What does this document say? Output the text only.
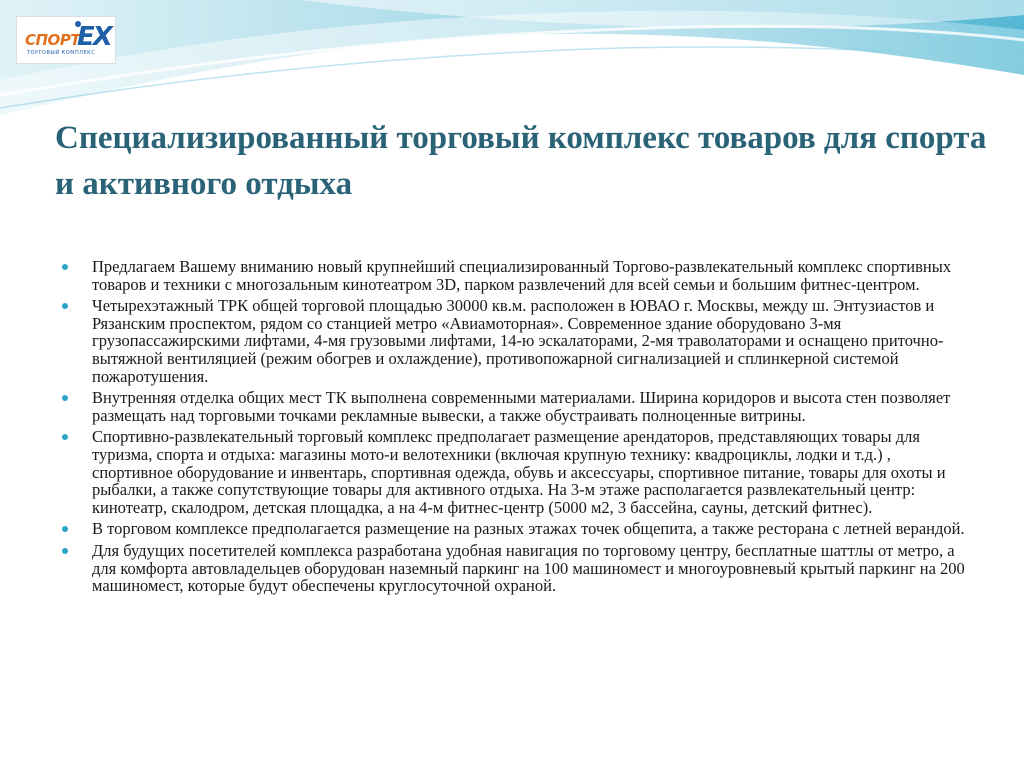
СПОРТ
EX
ТОРГОВЫЙ КОМПЛЕКС
Специализированный торговый комплекс товаров для спорта и активного отдыха
Предлагаем Вашему вниманию новый крупнейший специализированный Торгово-развлекательный комплекс спортивных товаров и техники с многозальным кинотеатром 3D, парком развлечений для всей семьи и большим фитнес-центром.
Четырехэтажный ТРК общей торговой площадью 30000 кв.м. расположен в ЮВАО г. Москвы, между ш. Энтузиастов и Рязанским проспектом, рядом со станцией метро «Авиамоторная». Современное здание оборудовано 3-мя грузопассажирскими лифтами, 4-мя грузовыми лифтами, 14-ю эскалаторами, 2-мя траволаторами и оснащено приточно-вытяжной вентиляцией (режим обогрев и охлаждение), противопожарной сигнализацией и сплинкерной системой пожаротушения.
Внутренняя отделка общих мест ТК выполнена современными материалами. Ширина коридоров и высота стен позволяет размещать над торговыми точками рекламные вывески, а также обустраивать полноценные витрины.
Спортивно-развлекательный торговый комплекс предполагает размещение арендаторов, представляющих товары для туризма, спорта и отдыха: магазины мото-и велотехники (включая крупную технику: квадроциклы, лодки и т.д.) , спортивное оборудование и инвентарь, спортивная одежда, обувь и аксессуары, спортивное питание, товары для охоты и рыбалки, а также сопутствующие товары для активного отдыха. На 3-м этаже располагается развлекательный центр: кинотеатр, скалодром, детская площадка, а на 4-м фитнес-центр (5000 м2, 3 бассейна, сауны, детский фитнес).
В торговом комплексе предполагается размещение на разных этажах точек общепита, а также ресторана с летней верандой.
Для будущих посетителей комплекса разработана удобная навигация по торговому центру, бесплатные шаттлы от метро, а для комфорта автовладельцев оборудован наземный паркинг на 100 машиномест и многоуровневый крытый паркинг на 200 машиномест, которые будут обеспечены круглосуточной охраной.
